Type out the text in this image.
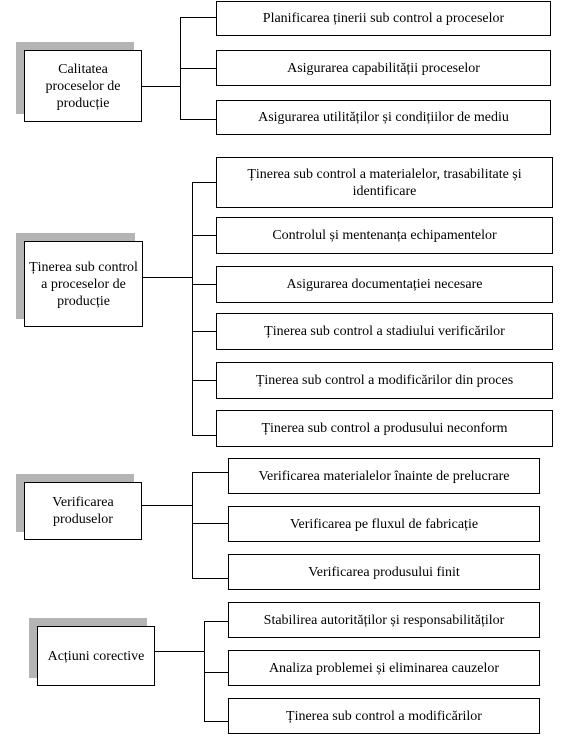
Calitatea proceselor de producție
Planificarea ținerii sub control a proceselor
Asigurarea capabilității proceselor
Asigurarea utilităților și condițiilor de mediu
Ținerea sub control a proceselor de producție
Ținerea sub control a materialelor, trasabilitate și identificare
Controlul și mentenanța echipamentelor
Asigurarea documentației necesare
Ținerea sub control a stadiului verificărilor
Ținerea sub control a modificărilor din proces
Ținerea sub control a produsului neconform
Verificarea produselor
Verificarea materialelor înainte de prelucrare
Verificarea pe fluxul de fabricație
Verificarea produsului finit
Acțiuni corective
Stabilirea autorităților și responsabilităților
Analiza problemei și eliminarea cauzelor
Ținerea sub control a modificărilor
